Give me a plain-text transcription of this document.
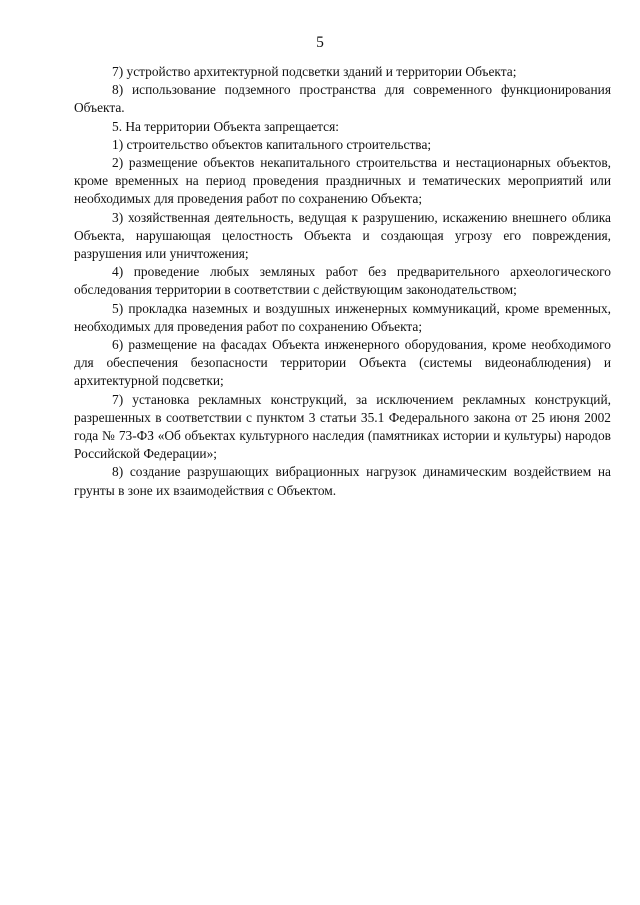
5

7) устройство архитектурной подсветки зданий и территории Объекта;

8) использование подземного пространства для современного функционирования Объекта.

5. На территории Объекта запрещается:

1) строительство объектов капитального строительства;

2) размещение объектов некапитального строительства и нестационарных объектов, кроме временных на период проведения праздничных и тематических мероприятий или необходимых для проведения работ по сохранению Объекта;

3) хозяйственная деятельность, ведущая к разрушению, искажению внешнего облика Объекта, нарушающая целостность Объекта и создающая угрозу его повреждения, разрушения или уничтожения;

4) проведение любых земляных работ без предварительного археологического обследования территории в соответствии с действующим законодательством;

5) прокладка наземных и воздушных инженерных коммуникаций, кроме временных, необходимых для проведения работ по сохранению Объекта;

6) размещение на фасадах Объекта инженерного оборудования, кроме необходимого для обеспечения безопасности территории Объекта (системы видеонаблюдения) и архитектурной подсветки;

7) установка рекламных конструкций, за исключением рекламных конструкций, разрешенных в соответствии с пунктом 3 статьи 35.1 Федерального закона от 25 июня 2002 года № 73-ФЗ «Об объектах культурного наследия (памятниках истории и культуры) народов Российской Федерации»;

8) создание разрушающих вибрационных нагрузок динамическим воздействием на грунты в зоне их взаимодействия с Объектом.
